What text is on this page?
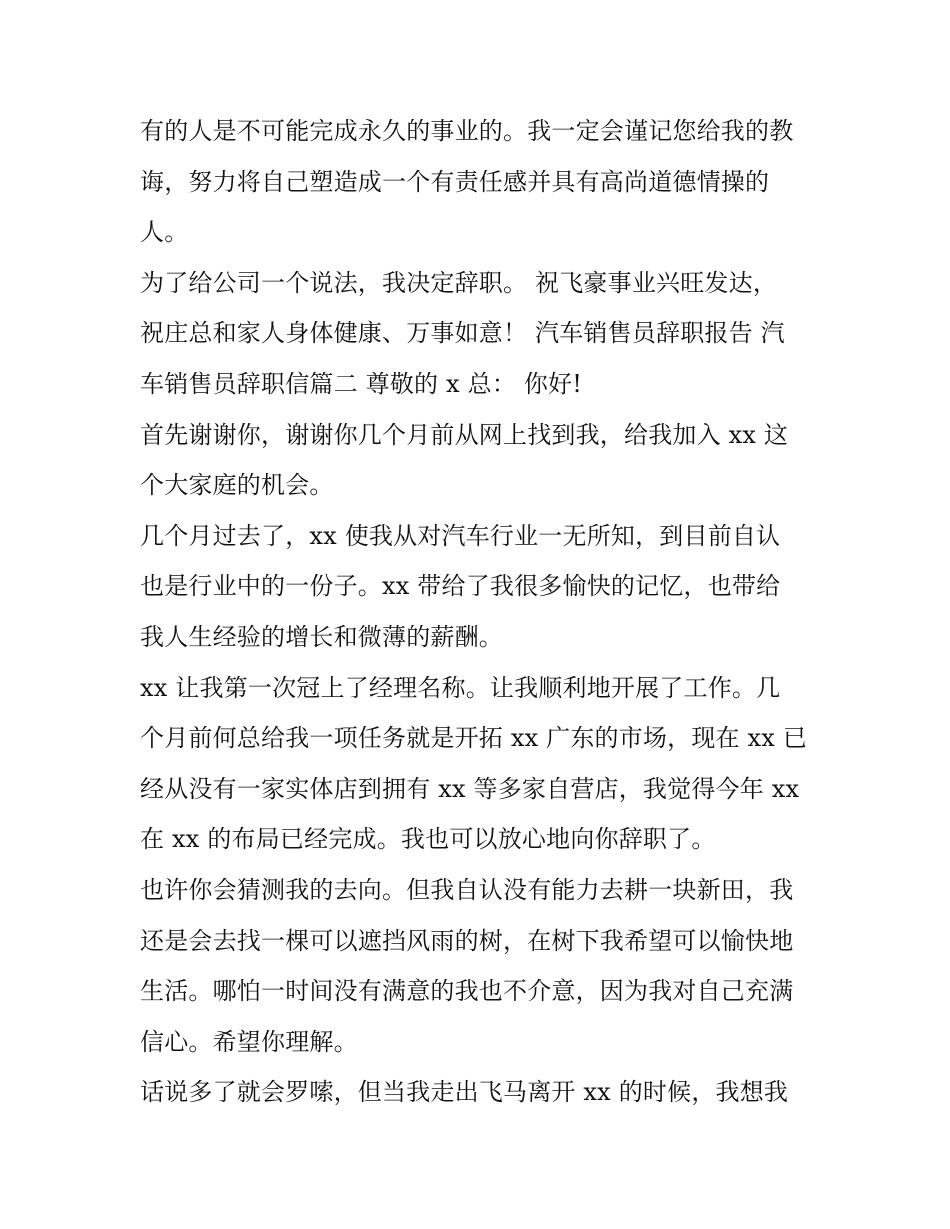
有的人是不可能完成永久的事业的。我一定会谨记您给我的教
诲，努力将自己塑造成一个有责任感并具有高尚道德情操的
人。
为了给公司一个说法，我决定辞职。 祝飞豪事业兴旺发达，
祝庄总和家人身体健康、万事如意！ 汽车销售员辞职报告 汽
车销售员辞职信篇二 尊敬的 x 总： 你好!
首先谢谢你，谢谢你几个月前从网上找到我，给我加入 xx 这
个大家庭的机会。
几个月过去了，xx 使我从对汽车行业一无所知，到目前自认
也是行业中的一份子。xx 带给了我很多愉快的记忆，也带给
我人生经验的增长和微薄的薪酬。
xx 让我第一次冠上了经理名称。让我顺利地开展了工作。几
个月前何总给我一项任务就是开拓 xx 广东的市场，现在 xx 已
经从没有一家实体店到拥有 xx 等多家自营店，我觉得今年 xx
在 xx 的布局已经完成。我也可以放心地向你辞职了。
也许你会猜测我的去向。但我自认没有能力去耕一块新田，我
还是会去找一棵可以遮挡风雨的树，在树下我希望可以愉快地
生活。哪怕一时间没有满意的我也不介意，因为我对自己充满
信心。希望你理解。
话说多了就会罗嗦，但当我走出飞马离开 xx 的时候，我想我
